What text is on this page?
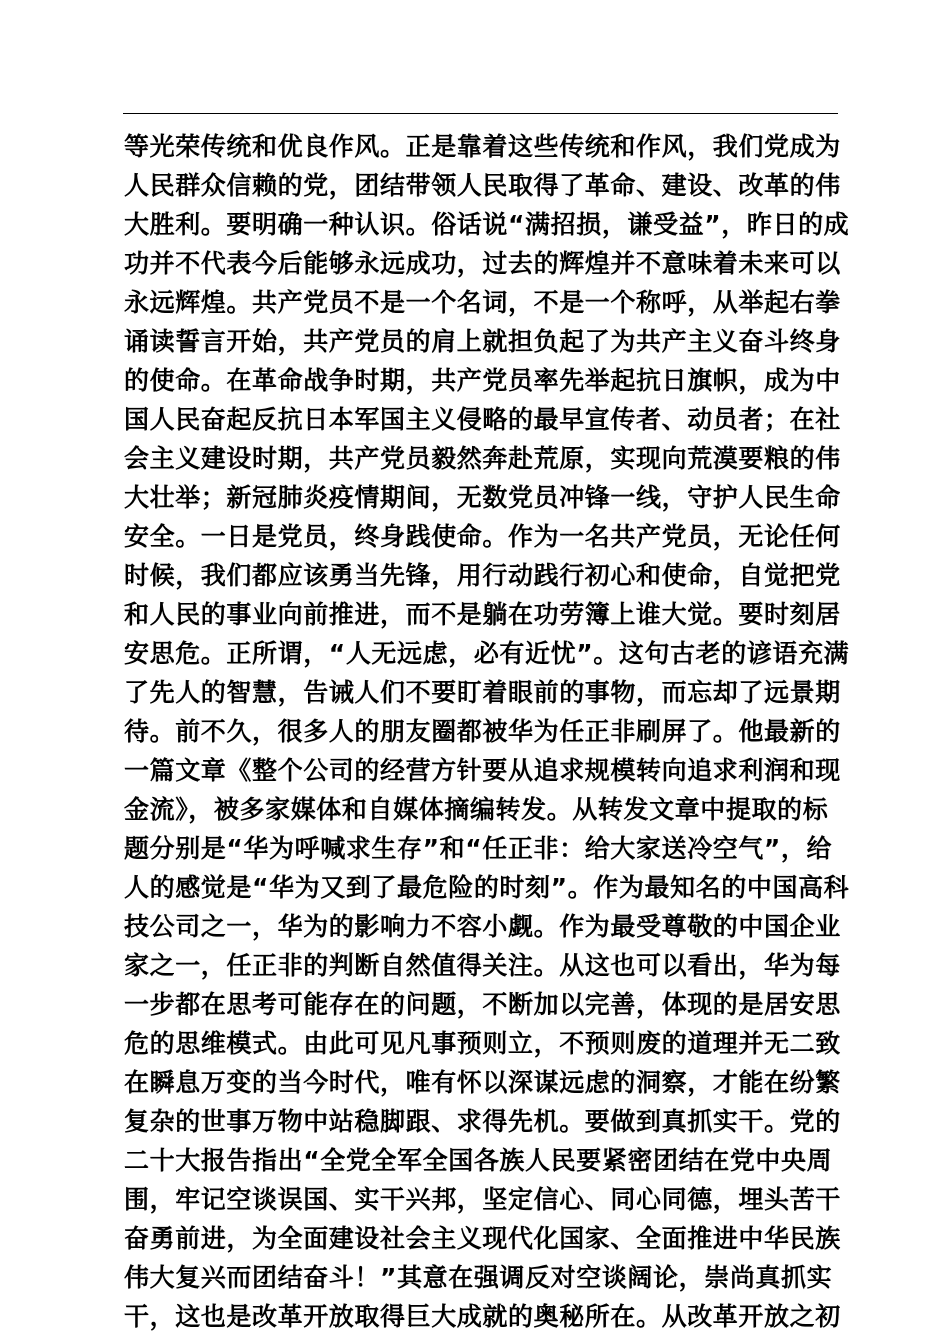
等光荣传统和优良作风。正是靠着这些传统和作风，我们党成为
人民群众信赖的党，团结带领人民取得了革命、建设、改革的伟
大胜利。要明确一种认识。俗话说“满招损，谦受益”，昨日的成
功并不代表今后能够永远成功，过去的辉煌并不意味着未来可以
永远辉煌。共产党员不是一个名词，不是一个称呼，从举起右拳
诵读誓言开始，共产党员的肩上就担负起了为共产主义奋斗终身
的使命。在革命战争时期，共产党员率先举起抗日旗帜，成为中
国人民奋起反抗日本军国主义侵略的最早宣传者、动员者；在社
会主义建设时期，共产党员毅然奔赴荒原，实现向荒漠要粮的伟
大壮举；新冠肺炎疫情期间，无数党员冲锋一线，守护人民生命
安全。一日是党员，终身践使命。作为一名共产党员，无论任何
时候，我们都应该勇当先锋，用行动践行初心和使命，自觉把党
和人民的事业向前推进，而不是躺在功劳簿上谁大觉。要时刻居
安思危。正所谓，“人无远虑，必有近忧”。这句古老的谚语充满
了先人的智慧，告诫人们不要盯着眼前的事物，而忘却了远景期
待。前不久，很多人的朋友圈都被华为任正非刷屏了。他最新的
一篇文章《整个公司的经营方针要从追求规模转向追求利润和现
金流》，被多家媒体和自媒体摘编转发。从转发文章中提取的标
题分别是“华为呼喊求生存”和“任正非：给大家送冷空气”，给
人的感觉是“华为又到了最危险的时刻”。作为最知名的中国高科
技公司之一，华为的影响力不容小觑。作为最受尊敬的中国企业
家之一，任正非的判断自然值得关注。从这也可以看出，华为每
一步都在思考可能存在的问题，不断加以完善，体现的是居安思
危的思维模式。由此可见凡事预则立，不预则废的道理并无二致
在瞬息万变的当今时代，唯有怀以深谋远虑的洞察，才能在纷繁
复杂的世事万物中站稳脚跟、求得先机。要做到真抓实干。党的
二十大报告指出“全党全军全国各族人民要紧密团结在党中央周
围，牢记空谈误国、实干兴邦，坚定信心、同心同德，埋头苦干
奋勇前进，为全面建设社会主义现代化国家、全面推进中华民族
伟大复兴而团结奋斗！”其意在强调反对空谈阔论，崇尚真抓实
干，这也是改革开放取得巨大成就的奥秘所在。从改革开放之初
